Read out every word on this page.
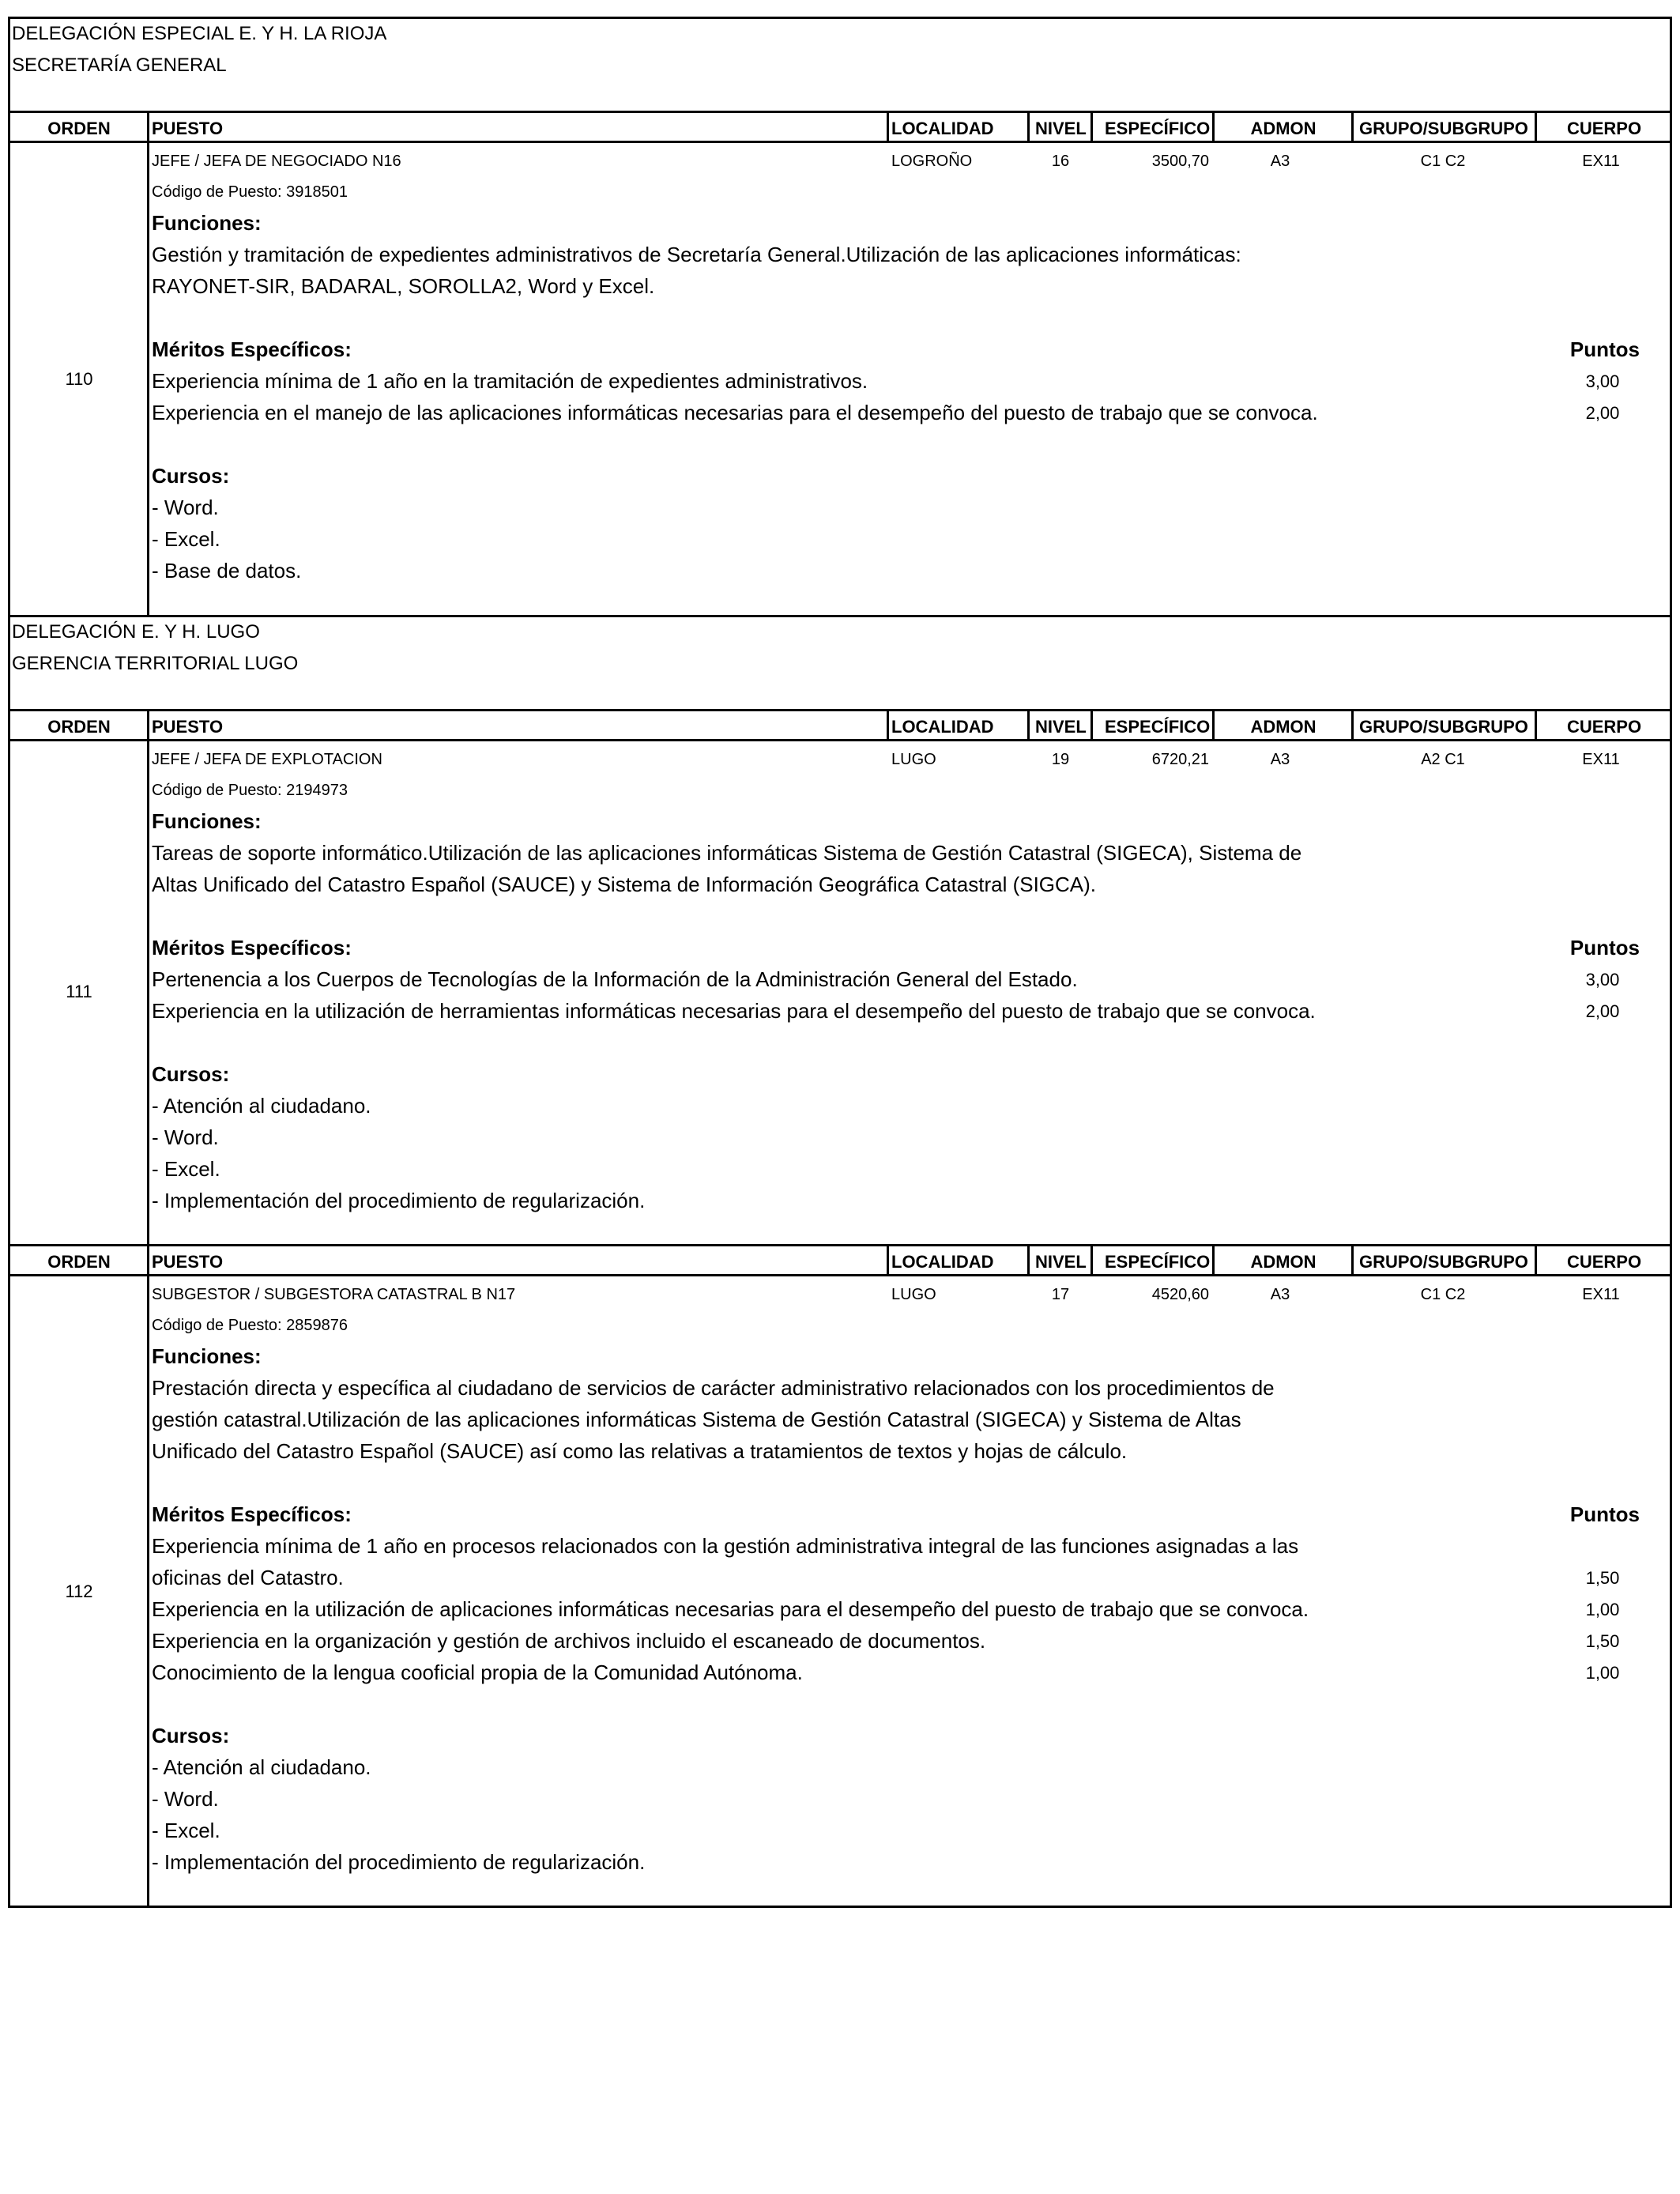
DELEGACIÓN ESPECIAL E. Y H. LA RIOJA
SECRETARÍA GENERAL
ORDEN PUESTO	LOCALIDAD NIVEL ESPECÍFICO ADMON GRUPO/SUBGRUPO CUERPO
110
JEFE / JEFA DE NEGOCIADO N16	LOGROÑO	16	3500,70	A3	C1 C2	EX11
Código de Puesto: 3918501
Funciones:
Gestión y tramitación de expedientes administrativos de Secretaría General.Utilización de las aplicaciones informáticas:
RAYONET-SIR, BADARAL, SOROLLA2, Word y Excel.
Méritos Específicos:	Puntos
Experiencia mínima de 1 año en la tramitación de expedientes administrativos.	3,00
Experiencia en el manejo de las aplicaciones informáticas necesarias para el desempeño del puesto de trabajo que se convoca.	2,00
Cursos:
- Word.
- Excel.
- Base de datos.
DELEGACIÓN E. Y H. LUGO
GERENCIA TERRITORIAL LUGO
ORDEN PUESTO	LOCALIDAD NIVEL ESPECÍFICO ADMON GRUPO/SUBGRUPO CUERPO
111
JEFE / JEFA DE EXPLOTACION	LUGO	19	6720,21	A3	A2 C1	EX11
Código de Puesto: 2194973
Funciones:
Tareas de soporte informático.Utilización de las aplicaciones informáticas Sistema de Gestión Catastral (SIGECA), Sistema de
Altas Unificado del Catastro Español (SAUCE) y Sistema de Información Geográfica Catastral (SIGCA).
Méritos Específicos:	Puntos
Pertenencia a los Cuerpos de Tecnologías de la Información de la Administración General del Estado.	3,00
Experiencia en la utilización de herramientas informáticas necesarias para el desempeño del puesto de trabajo que se convoca.	2,00
Cursos:
- Atención al ciudadano.
- Word.
- Excel.
- Implementación del procedimiento de regularización.
ORDEN PUESTO	LOCALIDAD NIVEL ESPECÍFICO ADMON GRUPO/SUBGRUPO CUERPO
112
SUBGESTOR / SUBGESTORA CATASTRAL B N17	LUGO	17	4520,60	A3	C1 C2	EX11
Código de Puesto: 2859876
Funciones:
Prestación directa y específica al ciudadano de servicios de carácter administrativo relacionados con los procedimientos de
gestión catastral.Utilización de las aplicaciones informáticas Sistema de Gestión Catastral (SIGECA) y Sistema de Altas
Unificado del Catastro Español (SAUCE) así como las relativas a tratamientos de textos y hojas de cálculo.
Méritos Específicos:	Puntos
Experiencia mínima de 1 año en procesos relacionados con la gestión administrativa integral de las funciones asignadas a las
oficinas del Catastro.	1,50
Experiencia en la utilización de aplicaciones informáticas necesarias para el desempeño del puesto de trabajo que se convoca.	1,00
Experiencia en la organización y gestión de archivos incluido el escaneado de documentos.	1,50
Conocimiento de la lengua cooficial propia de la Comunidad Autónoma.	1,00
Cursos:
- Atención al ciudadano.
- Word.
- Excel.
- Implementación del procedimiento de regularización.
